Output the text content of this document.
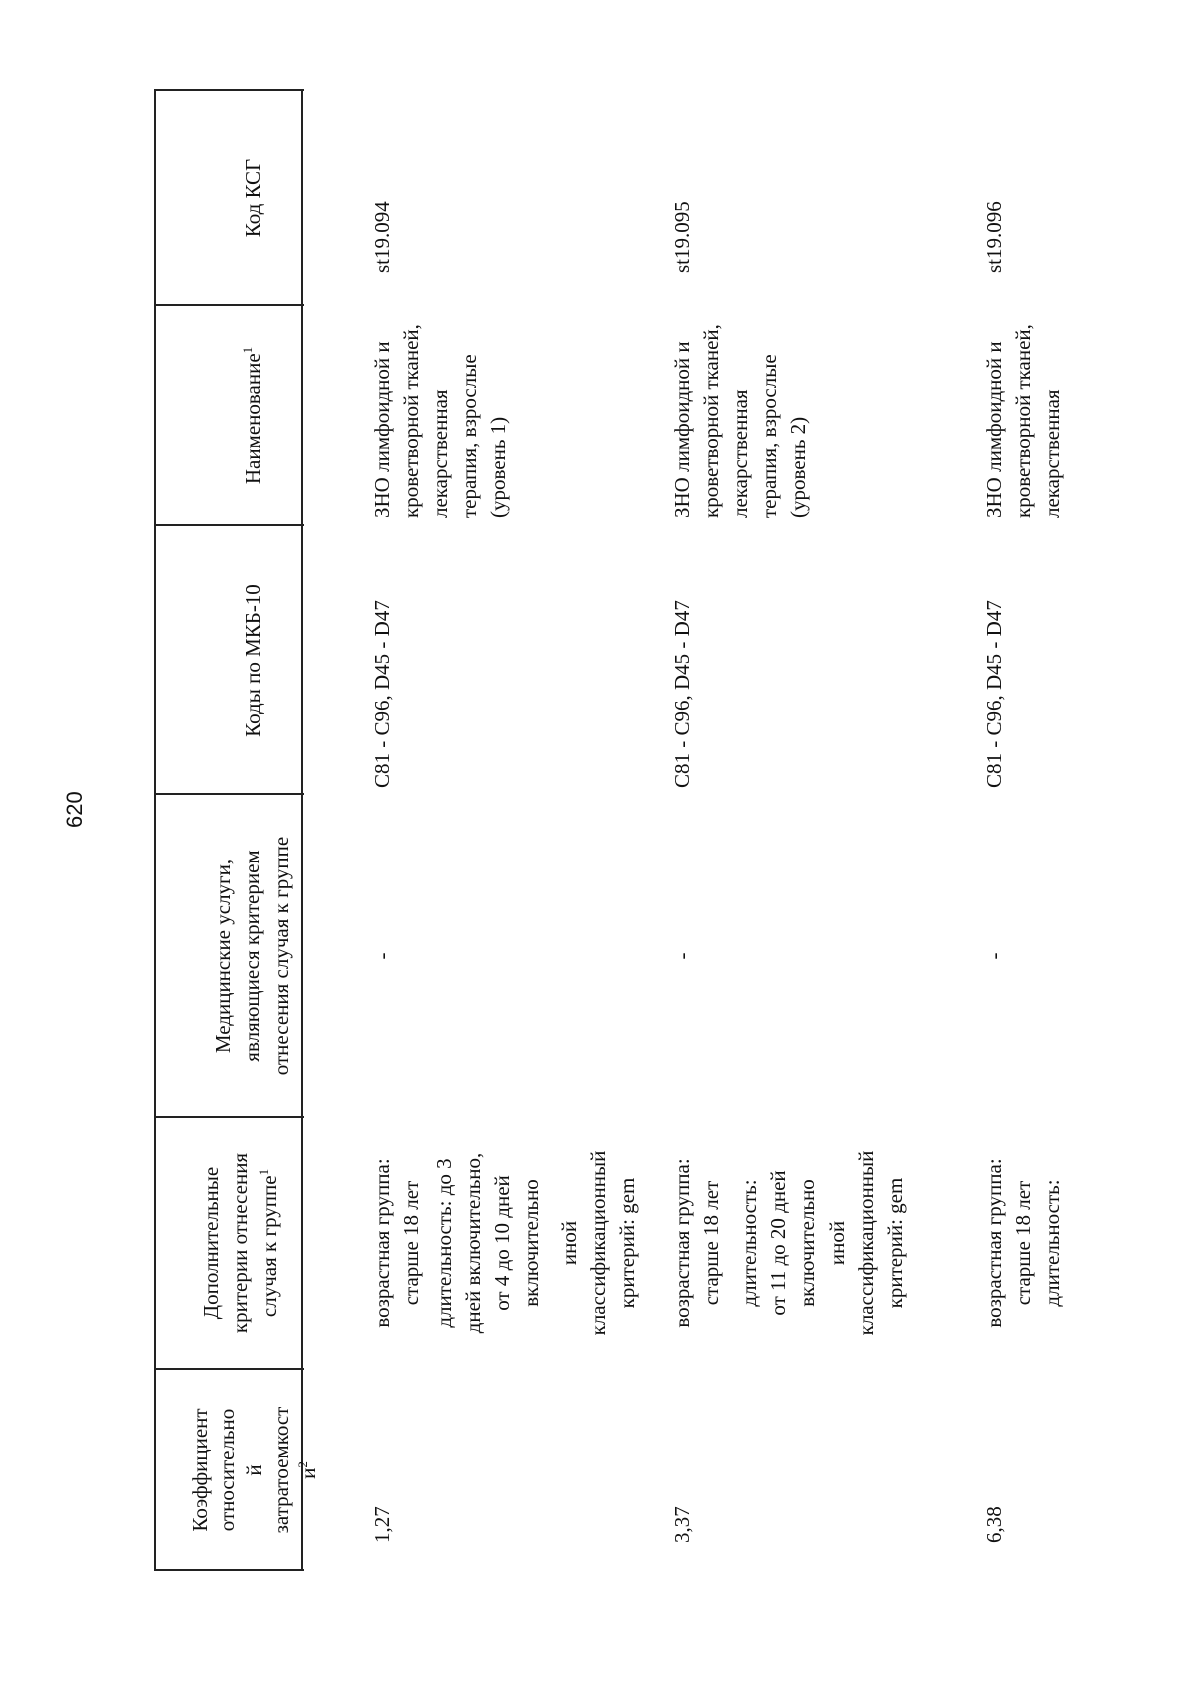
620

Код КСГ

Наименование$^1$

Коды по МКБ-10

Медицинские услуги,
являющиеся критерием
отнесения случая к группе

Дополнительные
критерии отнесения
случая к группе$^1$

Коэффициент
относительно
й
затратоемкост
$и^2$

st19.094
ЗНО лимфоидной и
кроветворной тканей,
лекарственная
терапия, взрослые
(уровень 1)
C81 - C96, D45 - D47
-
возрастная группа:
старше 18 лет
длительность: до 3
дней включительно,
от 4 до 10 дней
включительно иной
классификационный
критерий: gem
1,27
st19.095
ЗНО лимфоидной и
кроветворной тканей,
лекарственная
терапия, взрослые
(уровень 2)
C81 - C96, D45 - D47
-
возрастная группа:
старше 18 лет длительность:
от 11 до 20 дней
включительно иной
классификационный
критерий: gem
3,37
st19.096
ЗНО лимфоидной и
кроветворной тканей,
лекарственная
C81 - C96, D45 - D47
-
возрастная группа:
старше 18 лет длительность:
6,38
